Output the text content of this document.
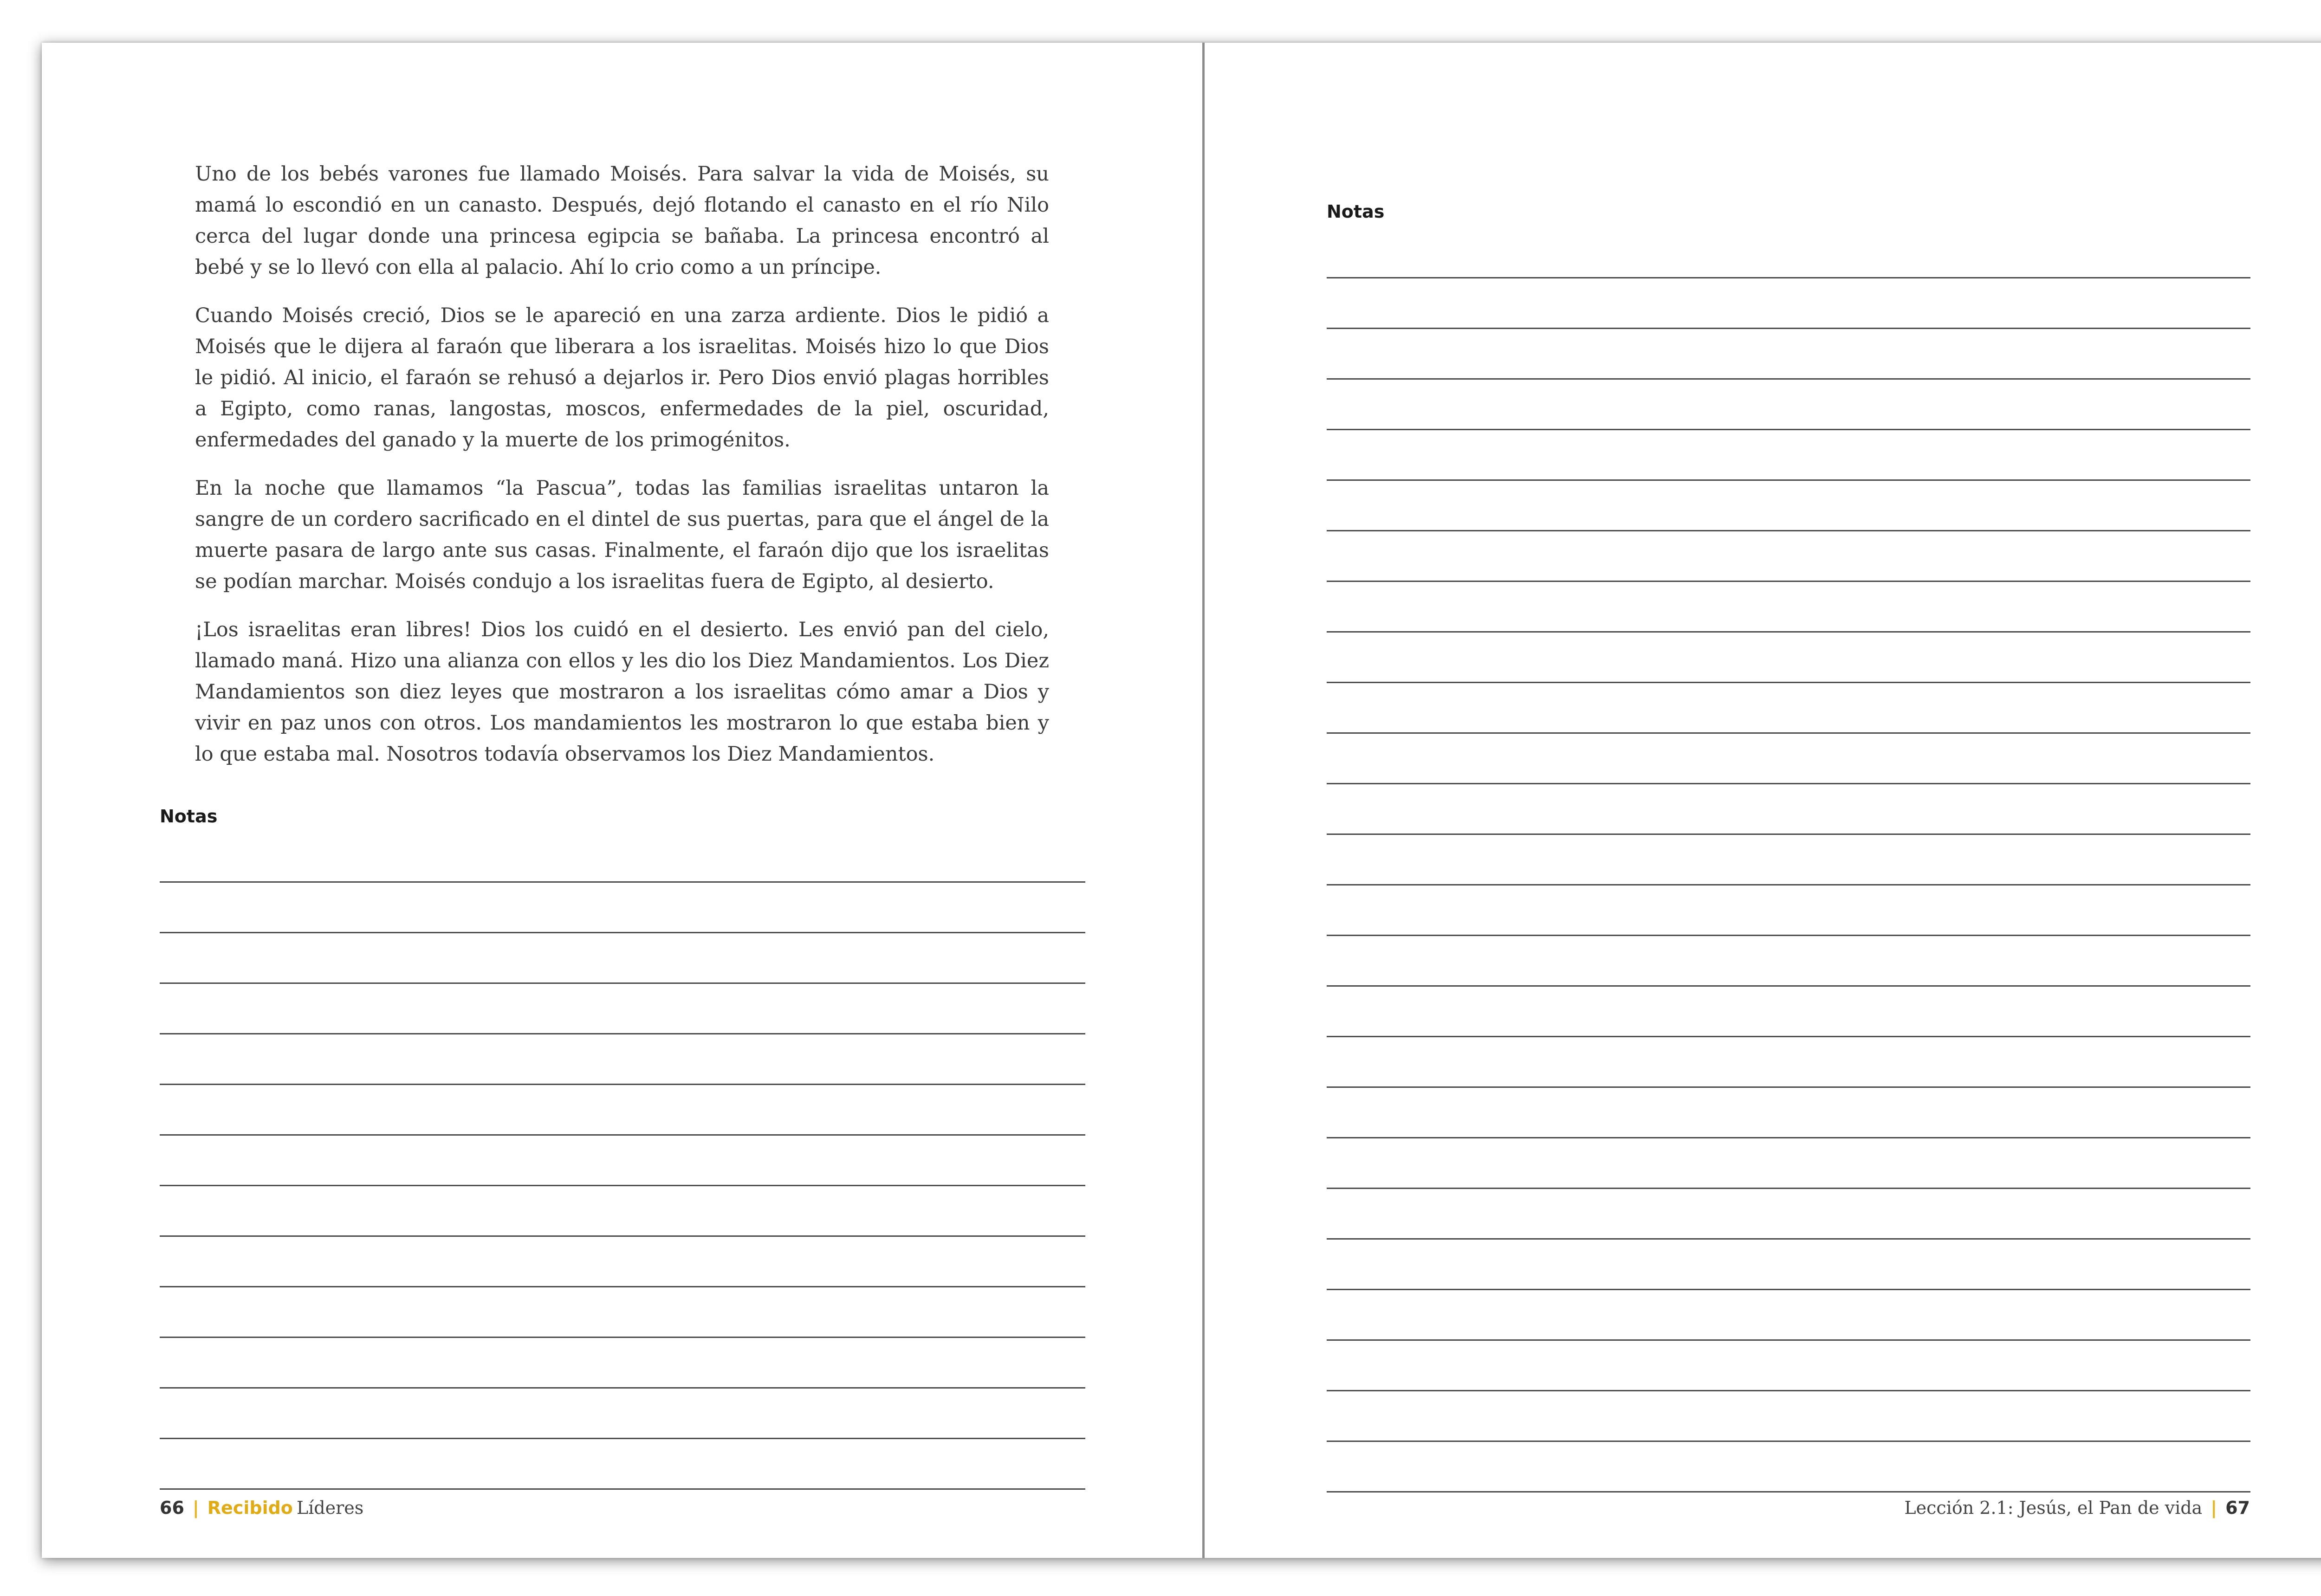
Uno de los bebés varones fue llamado Moisés. Para salvar la vida de Moisés, su mamá lo escondió en un canasto. Después, dejó flotando el canasto en el río Nilo cerca del lugar donde una princesa egipcia se bañaba. La princesa encontró al bebé y se lo llevó con ella al palacio. Ahí lo crio como a un príncipe.

Cuando Moisés creció, Dios se le apareció en una zarza ardiente. Dios le pidió a Moisés que le dijera al faraón que liberara a los israelitas. Moisés hizo lo que Dios le pidió. Al inicio, el faraón se rehusó a dejarlos ir. Pero Dios envió plagas horribles a Egipto, como ranas, langostas, moscos, enfermedades de la piel, oscuridad, enfermedades del ganado y la muerte de los primogénitos.

En la noche que llamamos “la Pascua”, todas las familias israelitas untaron la sangre de un cordero sacrificado en el dintel de sus puertas, para que el ángel de la muerte pasara de largo ante sus casas. Finalmente, el faraón dijo que los israelitas se podían marchar. Moisés condujo a los israelitas fuera de Egipto, al desierto.

¡Los israelitas eran libres! Dios los cuidó en el desierto. Les envió pan del cielo, llamado maná. Hizo una alianza con ellos y les dio los Diez Mandamientos. Los Diez Mandamientos son diez leyes que mostraron a los israelitas cómo amar a Dios y vivir en paz unos con otros. Los mandamientos les mostraron lo que estaba bien y lo que estaba mal. Nosotros todavía observamos los Diez Mandamientos.

Notas
66 | Recibido Líderes
Notas
Lección 2.1: Jesús, el Pan de vida | 67
